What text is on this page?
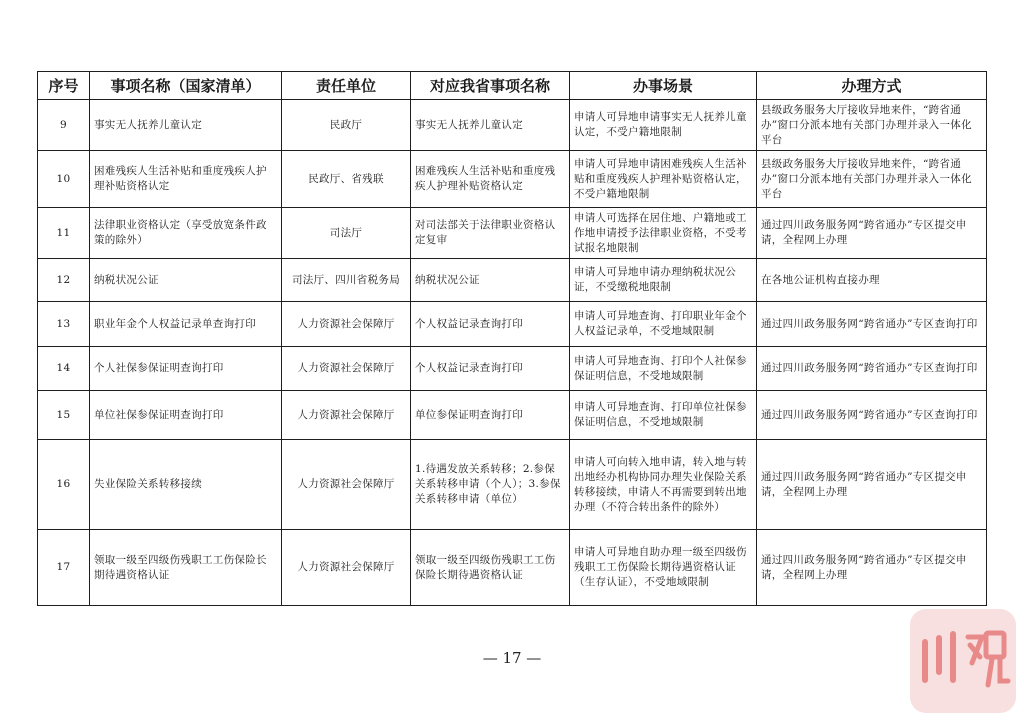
序号	事项名称（国家清单）	责任单位	对应我省事项名称	办事场景	办理方式
9	事实无人抚养儿童认定	民政厅	事实无人抚养儿童认定	申请人可异地申请事实无人抚养儿童认定，不受户籍地限制	县级政务服务大厅接收异地来件，“跨省通办”窗口分派本地有关部门办理并录入一体化平台
10	困难残疾人生活补贴和重度残疾人护理补贴资格认定	民政厅、省残联	困难残疾人生活补贴和重度残疾人护理补贴资格认定	申请人可异地申请困难残疾人生活补贴和重度残疾人护理补贴资格认定，不受户籍地限制	县级政务服务大厅接收异地来件，“跨省通办”窗口分派本地有关部门办理并录入一体化平台
11	法律职业资格认定（享受放宽条件政策的除外）	司法厅	对司法部关于法律职业资格认定复审	申请人可选择在居住地、户籍地或工作地申请授予法律职业资格，不受考试报名地限制	通过四川政务服务网“跨省通办”专区提交申请，全程网上办理
12	纳税状况公证	司法厅、四川省税务局	纳税状况公证	申请人可异地申请办理纳税状况公证，不受缴税地限制	在各地公证机构直接办理
13	职业年金个人权益记录单查询打印	人力资源社会保障厅	个人权益记录查询打印	申请人可异地查询、打印职业年金个人权益记录单，不受地域限制	通过四川政务服务网“跨省通办”专区查询打印
14	个人社保参保证明查询打印	人力资源社会保障厅	个人权益记录查询打印	申请人可异地查询、打印个人社保参保证明信息，不受地域限制	通过四川政务服务网“跨省通办”专区查询打印
15	单位社保参保证明查询打印	人力资源社会保障厅	单位参保证明查询打印	申请人可异地查询、打印单位社保参保证明信息，不受地域限制	通过四川政务服务网“跨省通办”专区查询打印
16	失业保险关系转移接续	人力资源社会保障厅	1.待遇发放关系转移；2.参保关系转移申请（个人）；3.参保关系转移申请（单位）	申请人可向转入地申请，转入地与转出地经办机构协同办理失业保险关系转移接续，申请人不再需要到转出地办理（不符合转出条件的除外）	通过四川政务服务网“跨省通办”专区提交申请，全程网上办理
17	领取一级至四级伤残职工工伤保险长期待遇资格认证	人力资源社会保障厅	领取一级至四级伤残职工工伤保险长期待遇资格认证	申请人可异地自助办理一级至四级伤残职工工伤保险长期待遇资格认证（生存认证），不受地域限制	通过四川政务服务网“跨省通办”专区提交申请，全程网上办理
— 17 —
